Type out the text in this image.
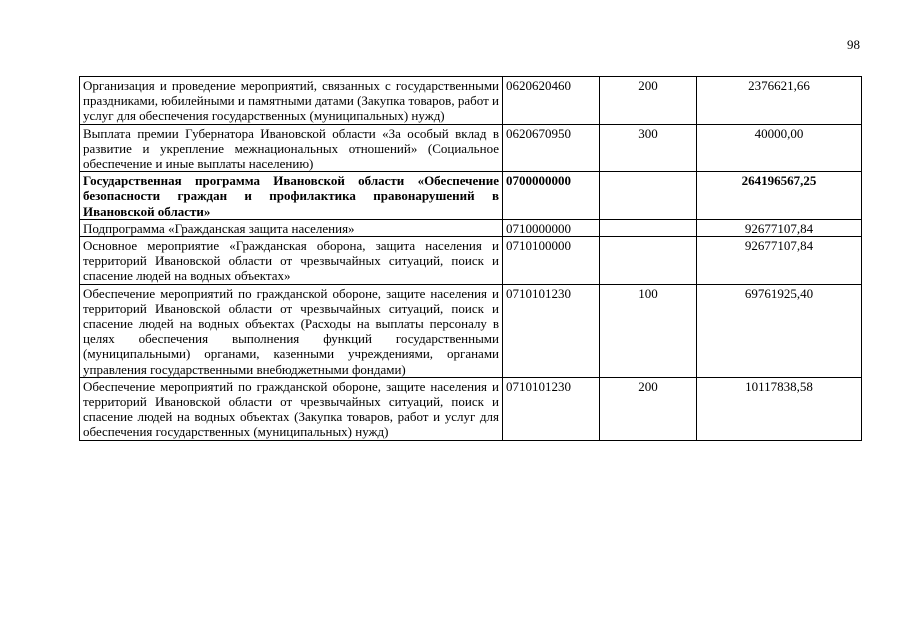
98
Организация и проведение мероприятий, связанных с государственными праздниками, юбилейными и памятными датами (Закупка товаров, работ и услуг для обеспечения государственных (муниципальных) нужд)	0620620460	200	2376621,66
Выплата премии Губернатора Ивановской области «За особый вклад в развитие и укрепление межнациональных отношений» (Социальное обеспечение и иные выплаты населению)	0620670950	300	40000,00
Государственная программа Ивановской области «Обеспечение безопасности граждан и профилактика правонарушений в Ивановской области»	0700000000		264196567,25
Подпрограмма «Гражданская защита населения»	0710000000		92677107,84
Основное мероприятие «Гражданская оборона, защита населения и территорий Ивановской области от чрезвычайных ситуаций, поиск и спасение людей на водных объектах»	0710100000		92677107,84
Обеспечение мероприятий по гражданской обороне, защите населения и территорий Ивановской области от чрезвычайных ситуаций, поиск и спасение людей на водных объектах (Расходы на выплаты персоналу в целях обеспечения выполнения функций государственными (муниципальными) органами, казенными учреждениями, органами управления государственными внебюджетными фондами)	0710101230	100	69761925,40
Обеспечение мероприятий по гражданской обороне, защите населения и территорий Ивановской области от чрезвычайных ситуаций, поиск и спасение людей на водных объектах (Закупка товаров, работ и услуг для обеспечения государственных (муниципальных) нужд)	0710101230	200	10117838,58
